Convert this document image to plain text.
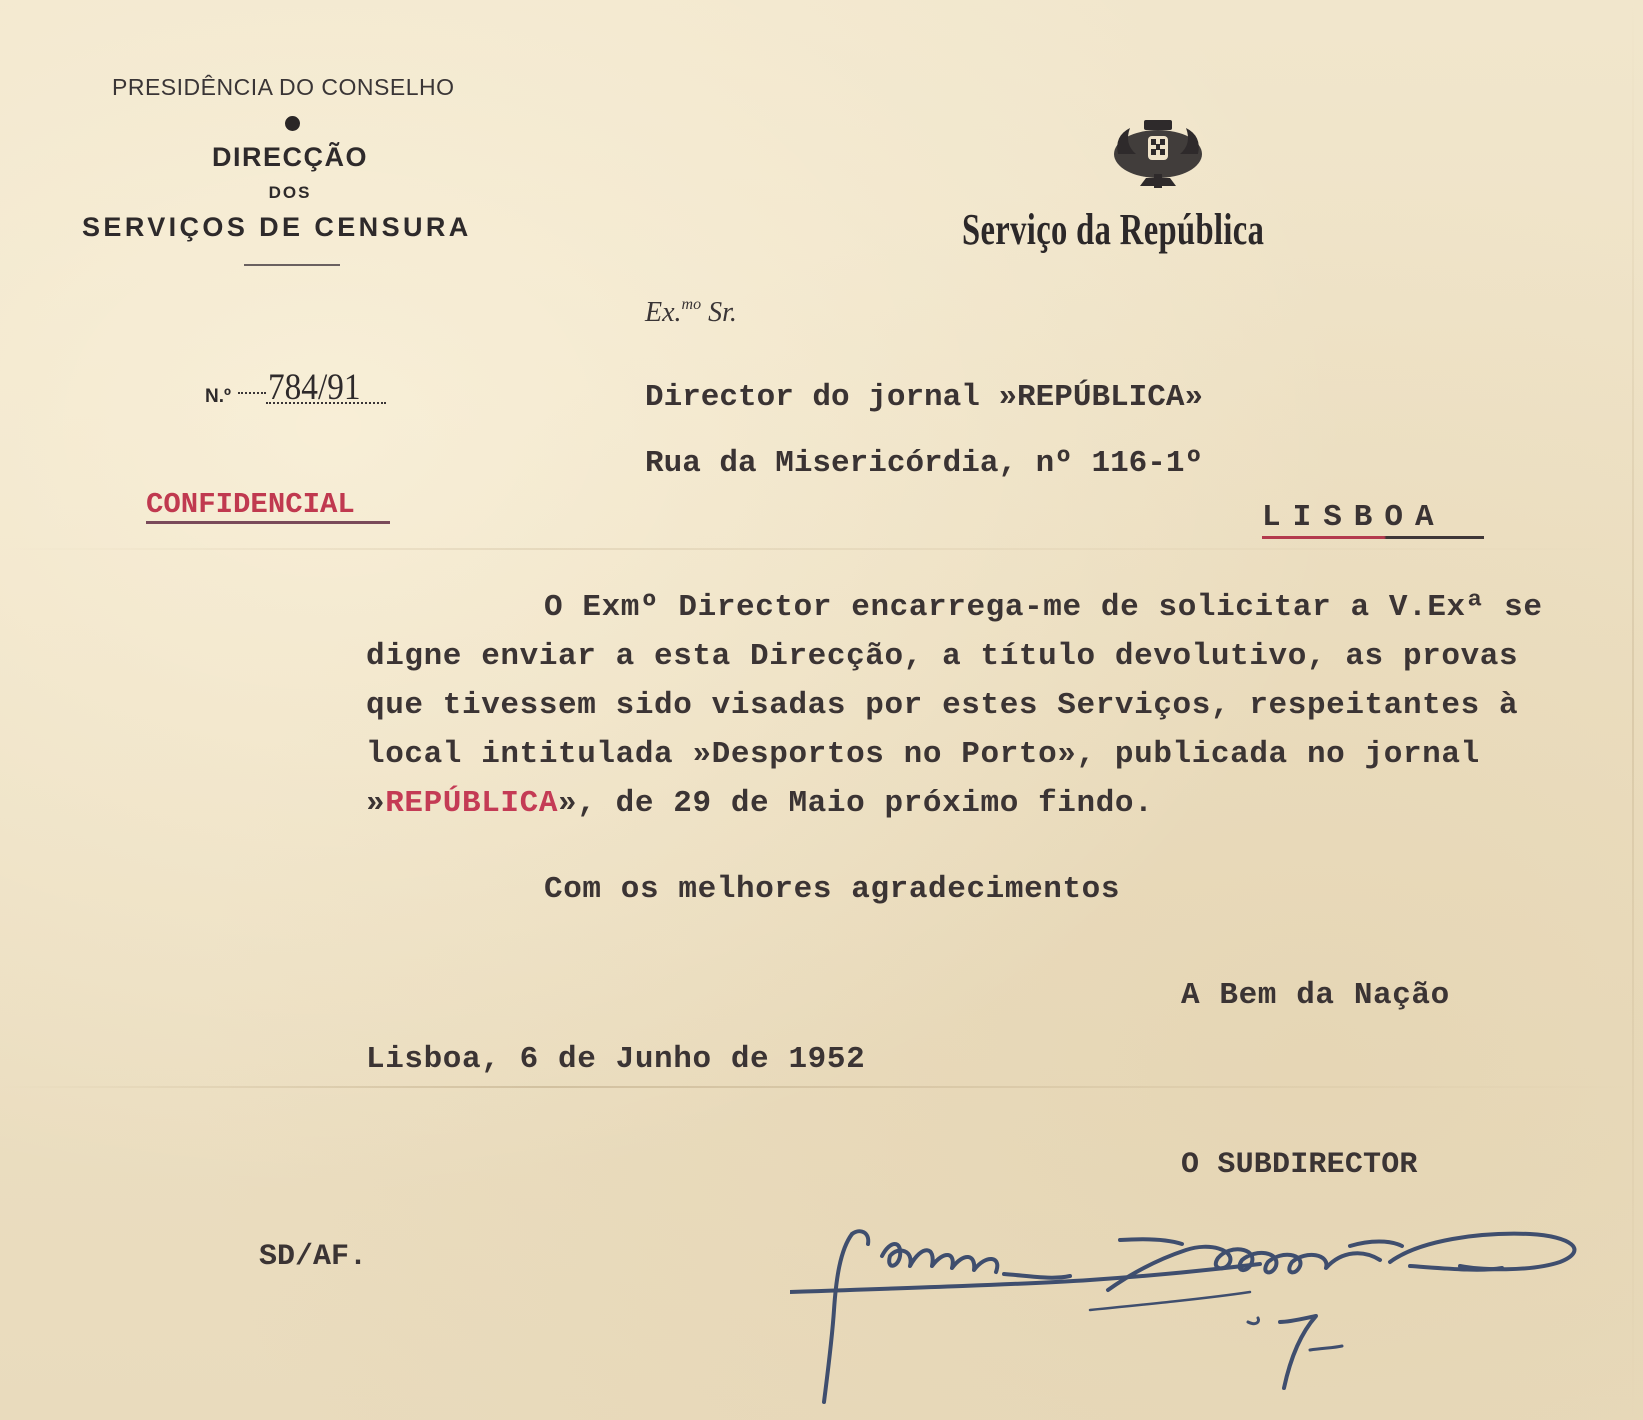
PRESIDÊNCIA DO CONSELHO
DIRECÇÃO
DOS
SERVIÇOS DE CENSURA	Serviço da República
Ex.$^{mo}$ Sr.
N.º 784/91
CONFIDENCIAL
Director do jornal »REPÚBLICA»
Rua da Misericórdia, nº 116-1º
LISBOA
O Exmº Director encarrega-me de solicitar a V.Exª se
digne enviar a esta Direcção, a título devolutivo, as provas
que tivessem sido visadas por estes Serviços, respeitantes à
local intitulada »Desportos no Porto», publicada no jornal
»REPÚBLICA», de 29 de Maio próximo findo.
Com os melhores agradecimentos
A Bem da Nação
Lisboa, 6 de Junho de 1952
O SUBDIRECTOR
SD/AF.
